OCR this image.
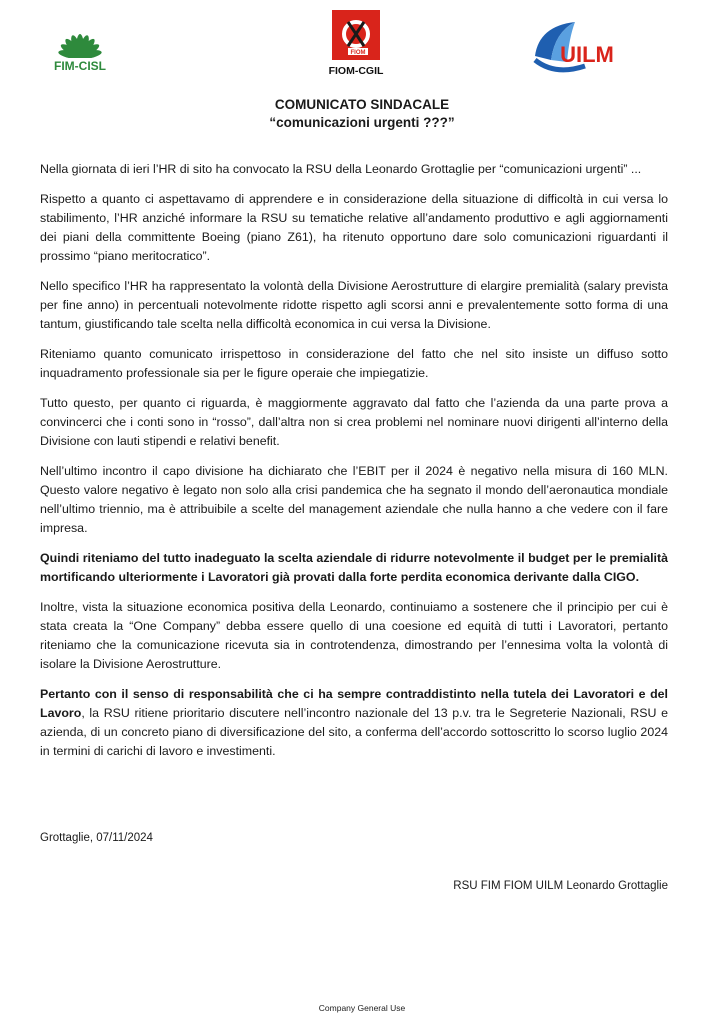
FIM-CISL
FIOM
FIOM-CGIL
UILM
COMUNICATO SINDACALE
“comunicazioni urgenti ???”

Nella giornata di ieri l’HR di sito ha convocato la RSU della Leonardo Grottaglie per “comunicazioni urgenti” ...

Rispetto a quanto ci aspettavamo di apprendere e in considerazione della situazione di difficoltà in cui versa lo stabilimento, l’HR anziché informare la RSU su tematiche relative all’andamento produttivo e agli aggiornamenti dei piani della committente Boeing (piano Z61), ha ritenuto opportuno dare solo comunicazioni riguardanti il prossimo “piano meritocratico”.

Nello specifico l’HR ha rappresentato la volontà della Divisione Aerostrutture di elargire premialità (salary prevista per fine anno) in percentuali notevolmente ridotte rispetto agli scorsi anni e prevalentemente sotto forma di una tantum, giustificando tale scelta nella difficoltà economica in cui versa la Divisione.

Riteniamo quanto comunicato irrispettoso in considerazione del fatto che nel sito insiste un diffuso sotto inquadramento professionale sia per le figure operaie che impiegatizie.

Tutto questo, per quanto ci riguarda, è maggiormente aggravato dal fatto che l’azienda da una parte prova a convincerci che i conti sono in “rosso”, dall’altra non si crea problemi nel nominare nuovi dirigenti all’interno della Divisione con lauti stipendi e relativi benefit.

Nell’ultimo incontro il capo divisione ha dichiarato che l’EBIT per il 2024 è negativo nella misura di 160 MLN. Questo valore negativo è legato non solo alla crisi pandemica che ha segnato il mondo dell’aeronautica mondiale nell’ultimo triennio, ma è attribuibile a scelte del management aziendale che nulla hanno a che vedere con il fare impresa.

Quindi riteniamo del tutto inadeguato la scelta aziendale di ridurre notevolmente il budget per le premialità mortificando ulteriormente i Lavoratori già provati dalla forte perdita economica derivante dalla CIGO.

Inoltre, vista la situazione economica positiva della Leonardo, continuiamo a sostenere che il principio per cui è stata creata la “One Company” debba essere quello di una coesione ed equità di tutti i Lavoratori, pertanto riteniamo che la comunicazione ricevuta sia in controtendenza, dimostrando per l’ennesima volta la volontà di isolare la Divisione Aerostrutture.

Pertanto con il senso di responsabilità che ci ha sempre contraddistinto nella tutela dei Lavoratori e del Lavoro, la RSU ritiene prioritario discutere nell’incontro nazionale del 13 p.v. tra le Segreterie Nazionali, RSU e azienda, di un concreto piano di diversificazione del sito, a conferma dell’accordo sottoscritto lo scorso luglio 2024 in termini di carichi di lavoro e investimenti.

Grottaglie, 07/11/2024
RSU FIM FIOM UILM Leonardo Grottaglie
Company General Use
